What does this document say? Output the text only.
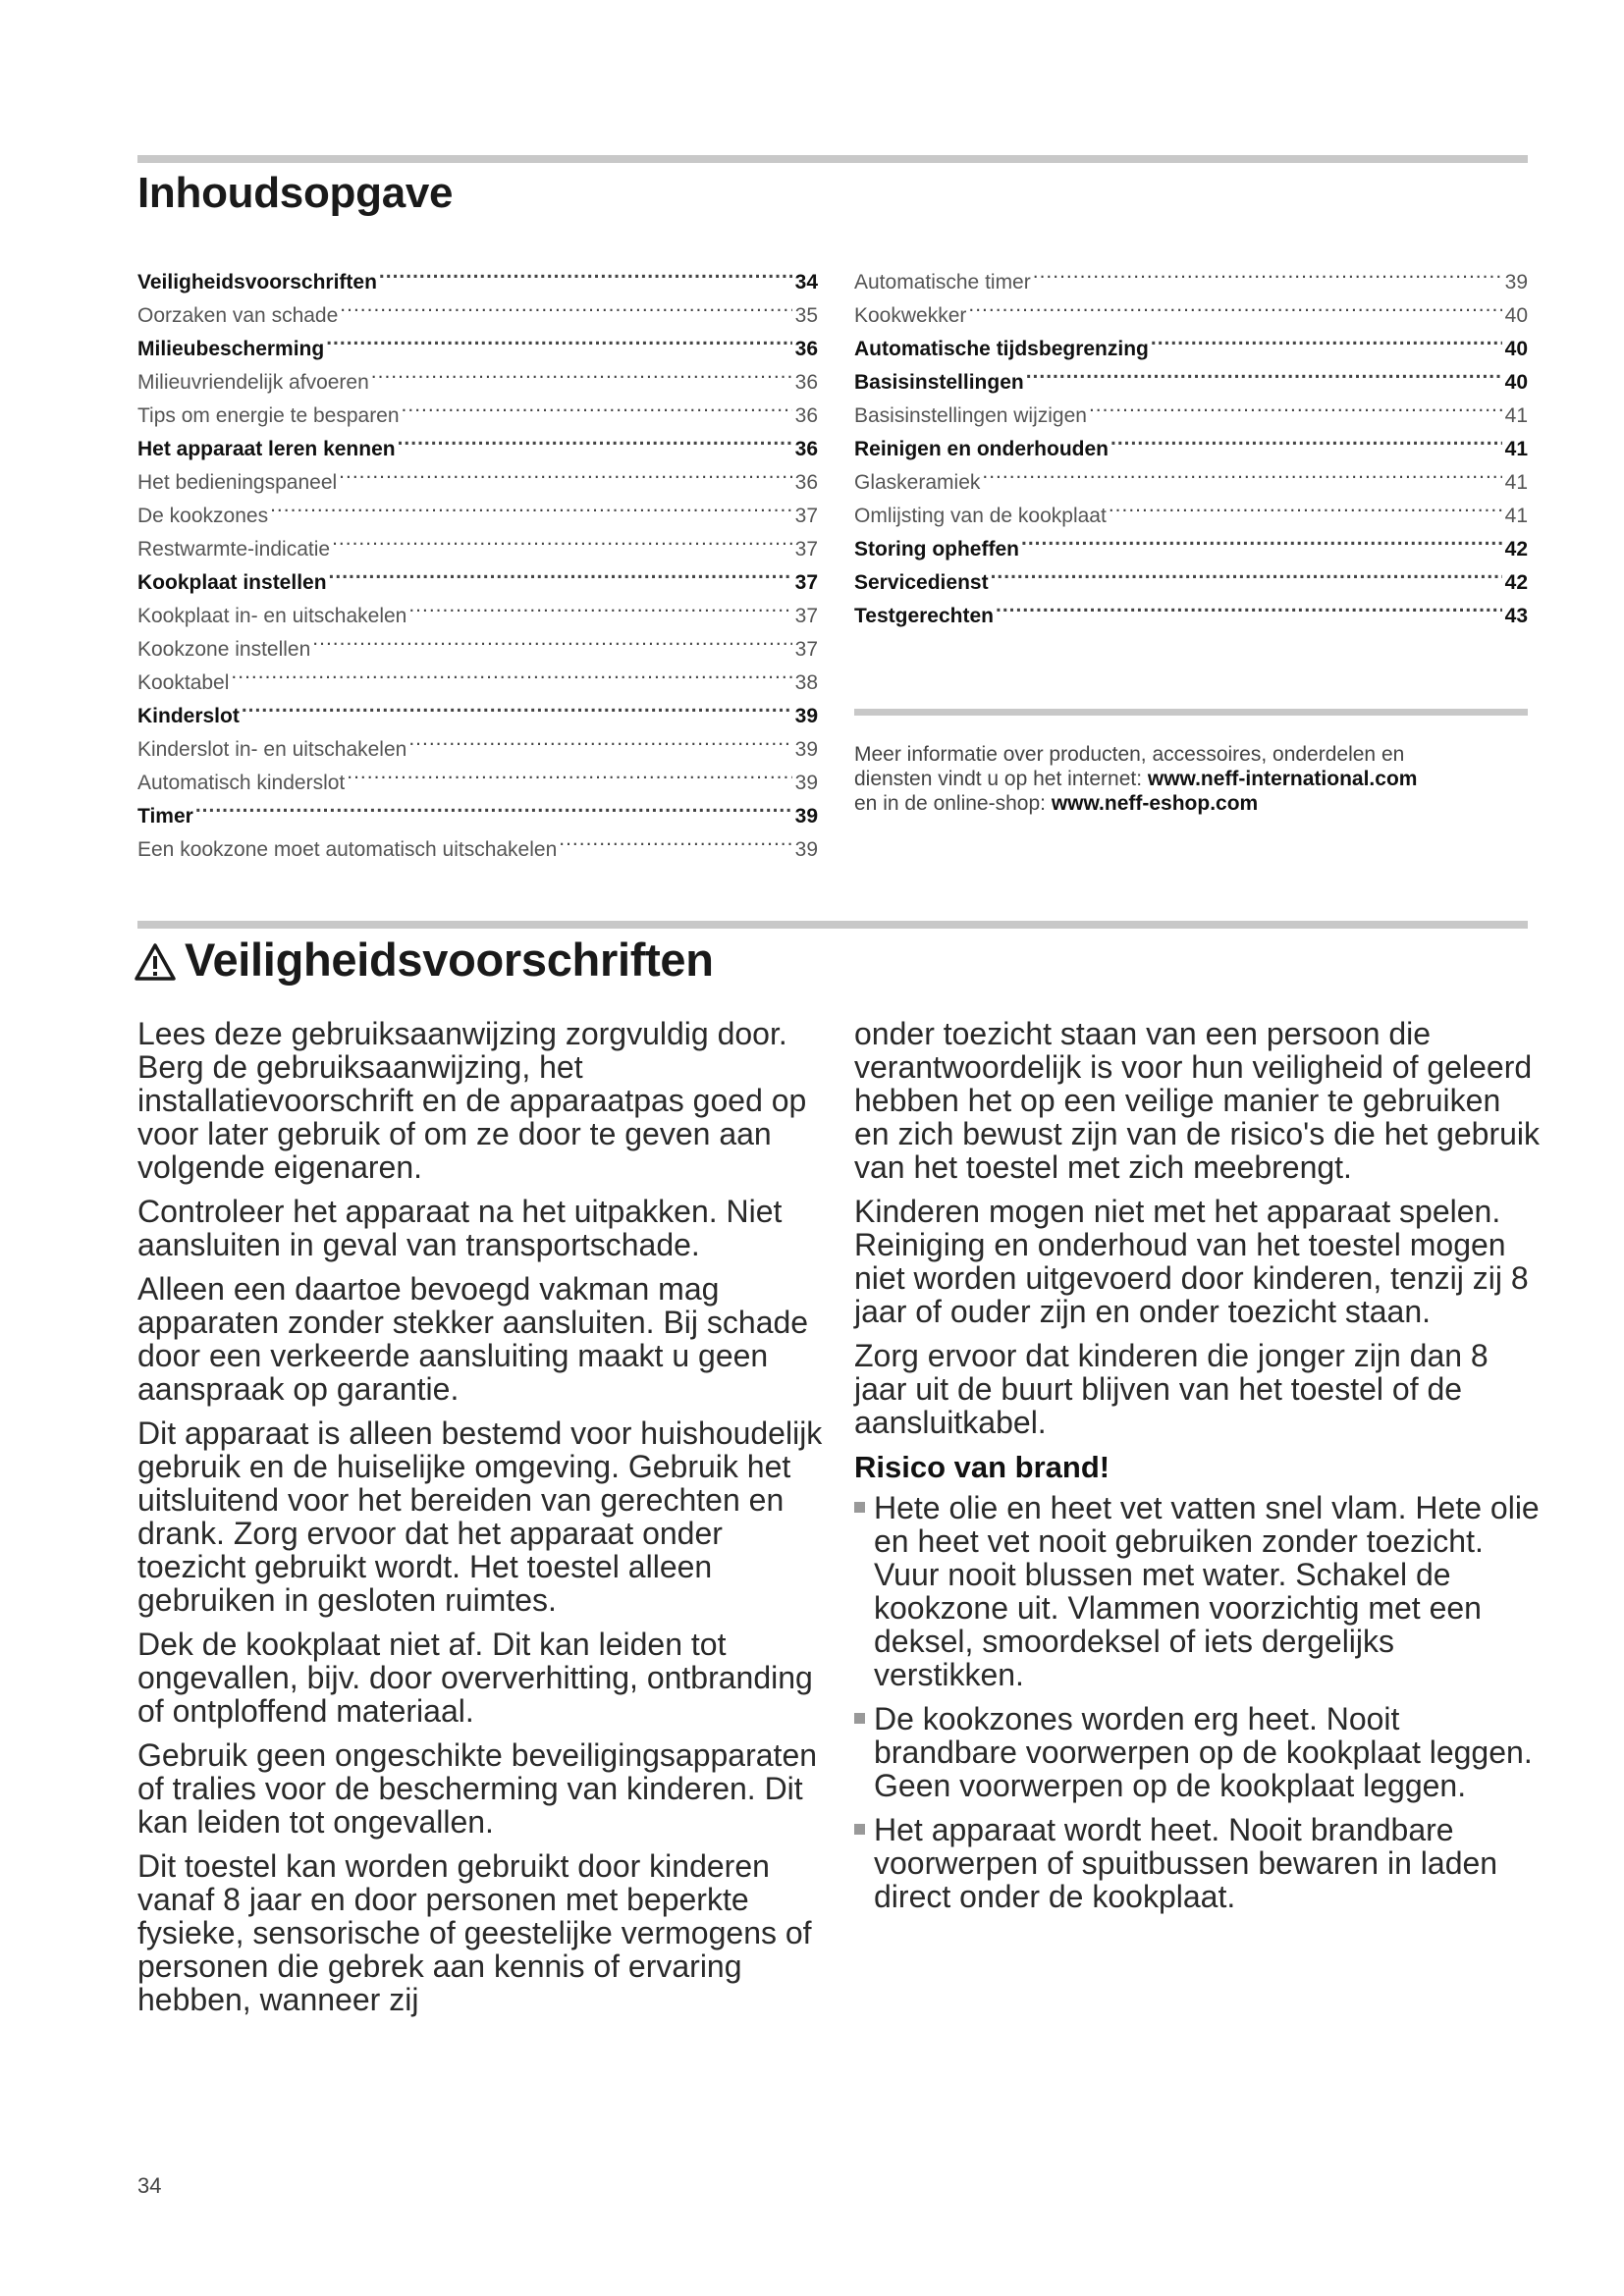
Inhoudsopgave
Veiligheidsvoorschriften .....	34
Oorzaken van schade .....	35
Milieubescherming .....	36
Milieuvriendelijk afvoeren .....	36
Tips om energie te besparen .....	36
Het apparaat leren kennen .....	36
Het bedieningspaneel .....	36
De kookzones .....	37
Restwarmte-indicatie .....	37
Kookplaat instellen .....	37
Kookplaat in- en uitschakelen .....	37
Kookzone instellen .....	37
Kooktabel .....	38
Kinderslot .....	39
Kinderslot in- en uitschakelen .....	39
Automatisch kinderslot .....	39
Timer .....	39
Een kookzone moet automatisch uitschakelen .....	39
Automatische timer .....	39
Kookwekker .....	40
Automatische tijdsbegrenzing .....	40
Basisinstellingen .....	40
Basisinstellingen wijzigen .....	41
Reinigen en onderhouden .....	41
Glaskeramiek .....	41
Omlijsting van de kookplaat .....	41
Storing opheffen .....	42
Servicedienst .....	42
Testgerechten .....	43
Meer informatie over producten, accessoires, onderdelen en
diensten vindt u op het internet: www.neff-international.com
en in de online-shop: www.neff-eshop.com
Veiligheidsvoorschriften

Lees deze gebruiksaanwijzing zorgvuldig door. Berg de gebruiksaanwijzing, het installatievoorschrift en de apparaatpas goed op voor later gebruik of om ze door te geven aan volgende eigenaren.

Controleer het apparaat na het uitpakken. Niet aansluiten in geval van transportschade.

Alleen een daartoe bevoegd vakman mag apparaten zonder stekker aansluiten. Bij schade door een verkeerde aansluiting maakt u geen aanspraak op garantie.

Dit apparaat is alleen bestemd voor huishoudelijk gebruik en de huiselijke omgeving. Gebruik het uitsluitend voor het bereiden van gerechten en drank. Zorg ervoor dat het apparaat onder toezicht gebruikt wordt. Het toestel alleen gebruiken in gesloten ruimtes.

Dek de kookplaat niet af. Dit kan leiden tot ongevallen, bijv. door oververhitting, ontbranding of ontploffend materiaal.

Gebruik geen ongeschikte beveiligingsapparaten of tralies voor de bescherming van kinderen. Dit kan leiden tot ongevallen.

Dit toestel kan worden gebruikt door kinderen vanaf 8 jaar en door personen met beperkte fysieke, sensorische of geestelijke vermogens of personen die gebrek aan kennis of ervaring hebben, wanneer zij

onder toezicht staan van een persoon die verantwoordelijk is voor hun veiligheid of geleerd hebben het op een veilige manier te gebruiken en zich bewust zijn van de risico's die het gebruik van het toestel met zich meebrengt.

Kinderen mogen niet met het apparaat spelen. Reiniging en onderhoud van het toestel mogen niet worden uitgevoerd door kinderen, tenzij zij 8 jaar of ouder zijn en onder toezicht staan.

Zorg ervoor dat kinderen die jonger zijn dan 8 jaar uit de buurt blijven van het toestel of de aansluitkabel.

Risico van brand!
Hete olie en heet vet vatten snel vlam. Hete olie en heet vet nooit gebruiken zonder toezicht. Vuur nooit blussen met water. Schakel de kookzone uit. Vlammen voorzichtig met een deksel, smoordeksel of iets dergelijks verstikken.
De kookzones worden erg heet. Nooit brandbare voorwerpen op de kookplaat leggen. Geen voorwerpen op de kookplaat leggen.
Het apparaat wordt heet. Nooit brandbare voorwerpen of spuitbussen bewaren in laden direct onder de kookplaat.
34
